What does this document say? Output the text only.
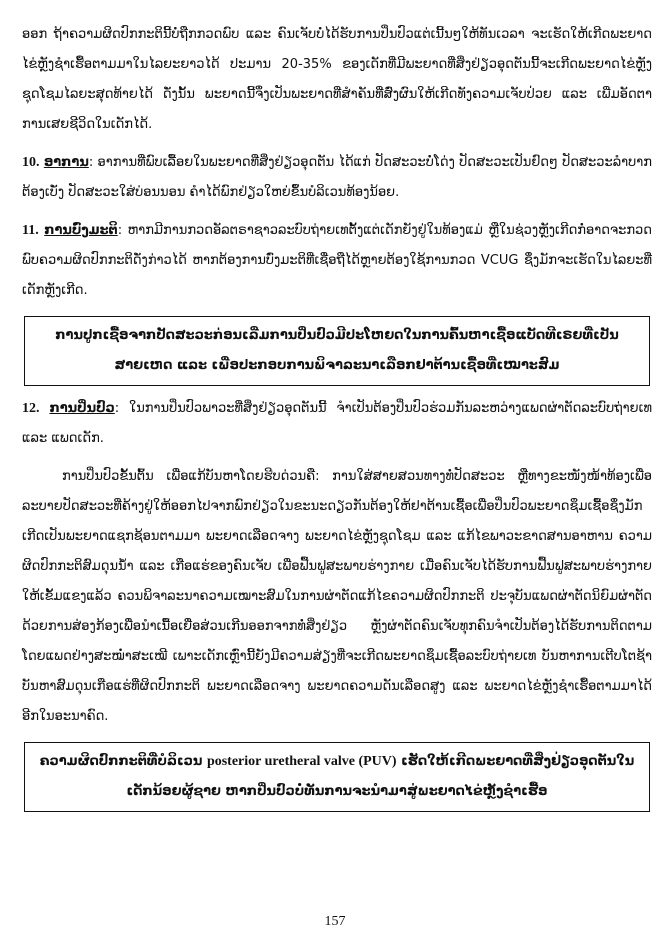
ອອກ ຖ້າຄວາມຜິດປົກກະຕິນີ້ບໍ່ຖືກກວດພົບ ແລະ ຄົນເຈັບບໍ່ໄດ້ຮັບການປິ່ນປົວແຕ່ເນີ້ນໆໃຫ້ທັນເວລາ ຈະເຮັດໃຫ້ເກີດພະຍາດໄຂ່ຫຼັງຊຳເຮື້ອຕາມມາໃນໄລຍະຍາວໄດ້ ປະມານ 20-35% ຂອງເດັກທີ່ມີພະຍາດທີ່ສິ່ງຢ່ຽວອຸດຕັນນີ້ຈະເກີດພະຍາດໄຂ່ຫຼັງຊຸດໂຊມໄລຍະສຸດທ້າຍໄດ້ ດັ່ງນັ້ນ ພະຍາດນີ້ຈຶ່ງເປັນພະຍາດທີ່ສຳຄັນທີ່ສົ່ງຜົນໃຫ້ເກີດທັງຄວາມເຈັບປ່ວຍ ແລະ ເພີ່ມອັດຕາການເສຍຊີວິດໃນເດັກໄດ້.

10. ອາການ: ອາການທີ່ພົບເລື້ອຍໃນພະຍາດທີ່ສິ່ງຢ່ຽວອຸດຕັນ ໄດ້ແກ່ ປັດສະວະບໍ່ໂດ່ງ ປັດສະວະເປັນຢົດໆ ປັດສະວະລຳບາກຕ້ອງເບັ່ງ ປັດສະວະໃສ່ບ່ອນນອນ ຄຳໄດ້ພົກຢ່ຽວໃຫຍ່ຂຶ້ນບໍລິເວນທ້ອງນ້ອຍ.

11. ການບົ່ງມະຕິ: ຫາກມີການກວດອັລຕຣາຊາວລະບົບຖ່າຍເທຕັ້ງແຕ່ເດັກຍັງຢູ່ໃນທ້ອງແມ່ ຫຼືໃນຊ່ວງຫຼັງເກີດກໍ່ອາດຈະກວດພົບຄວາມຜິດປົກກະຕິດັ່ງກ່າວໄດ້ ຫາກຕ້ອງການບົ່ງມະຕິທີ່ເຊື່ອຖືໄດ້ຫຼາຍຕ້ອງໃຊ້ການກວດ VCUG ຊຶ່ງມັກຈະເຮັດໃນໄລຍະທີ່ເດັກຫຼັງເກີດ.

ການປູກເຊື້ອຈາກປັດສະວະກ່ອນເລີ່ມການປິ່ນປົວມີປະໂຫຍດໃນການຄົ້ນຫາເຊື້ອແບັດທີເຣຍທີ່ເປັນສາຍເຫດ ແລະ ເພື່ອປະກອບການພິຈາລະນາເລືອກຢາຕ້ານເຊື້ອທີ່ເໝາະສົມ

12. ການປິ່ນປົວ: ໃນການປິ່ນປົວພາວະທີ່ສິ່ງຢ່ຽວອຸດຕັນນີ້ ຈຳເປັນຕ້ອງປິ່ນປົວຮ່ວມກັນລະຫວ່າງແພດຜ່າຕັດລະບົບຖ່າຍເທ ແລະ ແພດເດັກ.

ການປິ່ນປົວຂັ້ນຕົ້ນ ເພື່ອແກ້ບັນຫາໂດຍຮີບດ່ວນຄື: ການໃສ່ສາຍສວນທາງທໍ່ປັດສະວະ ຫຼືທາງຂະໜັງໜ້າທ້ອງເພື່ອລະບາຍປັດສະວະທີ່ຄ້າງຢູ່ໃຫ້ອອກໄປຈາກພົກຢ່ຽວໃນຂະນະດຽວກັນຕ້ອງໃຫ້ຢາຕ້ານເຊື້ອເພື່ອປິ່ນປົວພະຍາດຊຶມເຊື້ອຊຶ່ງມັກເກີດເປັນພະຍາດແຊກຊ້ອນຕາມມາ ພະຍາດເລືອດຈາງ ພະຍາດໄຂ່ຫຼັງຊຸດໂຊມ ແລະ ແກ້ໄຂພາວະຂາດສານອາຫານ ຄວາມຜິດປົກກະຕິສົມດຸນນ້ຳ ແລະ ເກືອແຮ່ຂອງຄົນເຈັບ ເພື່ອຟື້ນຟູສະພາບຮ່າງກາຍ ເມື່ອຄົນເຈັບໄດ້ຮັບການຟື້ນຟູສະພາບຮ່າງກາຍໃຫ້ເຂັ້ມແຂງແລ້ວ ຄວນພິຈາລະນາຄວາມເໝາະສົມໃນການຜ່າຕັດແກ້ໄຂຄວາມຜິດປົກກະຕິ ປະຈຸບັນແພດຜ່າຕັດນິຍົມຜ່າຕັດດ້ວຍການສ່ອງກ້ອງເພື່ອນຳເນື້ອເຍື່ອສ່ວນເກີນອອກຈາກທໍ່ສິ່ງຢ່ຽວ ຫຼັງຜ່າຕັດຄົນເຈັບທຸກຄົນຈຳເປັນຕ້ອງໄດ້ຮັບການຕິດຕາມໂດຍແພດຢ່າງສະໝໍ່າສະເໝີ ເພາະເດັກເຫຼົ່ານີ້ຍັງມີຄວາມສ່ຽງທີ່ຈະເກີດພະຍາດຊຶມເຊື້ອລະບົບຖ່າຍເທ ບັນຫາການເຕີບໂຕຊ້າ ບັນຫາສົມດຸນເກືອແຮ່ທີ່ຜິດປົກກະຕິ ພະຍາດເລືອດຈາງ ພະຍາດຄວາມດັນເລືອດສູງ ແລະ ພະຍາດໄຂ່ຫຼັງຊຳເຮື້ອຕາມມາໄດ້ອີກໃນອະນາຄົດ.

ຄວາມຜິດປົກກະຕິທີ່ບໍລິເວນ posterior uretheral valve (PUV) ເຮັດໃຫ້ເກີດພະຍາດທີ່ສິ່ງຢ່ຽວອຸດຕັນໃນເດັກນ້ອຍຜູ້ຊາຍ ຫາກປິ່ນປົວບໍ່ທັນການຈະນຳມາສູ່ພະຍາດໄຂ່ຫຼັງຊຳເຮື້ອ
157
